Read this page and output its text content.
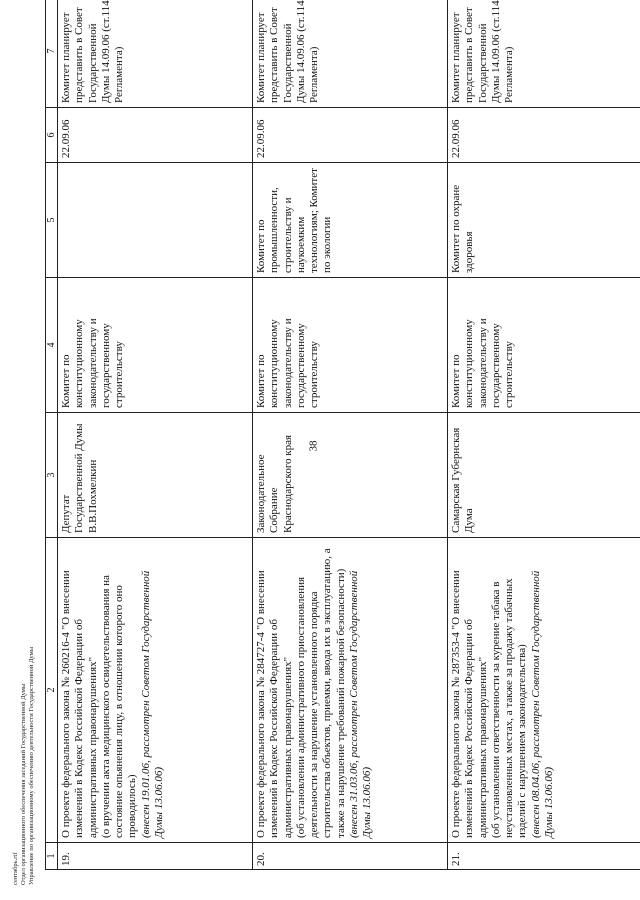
38
1	2	3	4	5	6	7
19.	О проекте федерального закона № 260216-4 "О внесении изменений в Кодекс Российской Федерации об административных правонарушениях" (о вручении акта медицинского освидетельствования на состояние опьянения лицу, в отношении которого оно проводилось) (внесен 19.01.06, рассмотрен Советом Государственной Думы 13.06.06)	Депутат Государственной Думы В.В.Похмелкин	Комитет по конституционному законодательству и государственному строительству		22.09.06	Комитет планирует представить в Совет Государственной Думы 14.09.06 (ст.114 Регламента)
20.	О проекте федерального закона № 284727-4 "О внесении изменений в Кодекс Российской Федерации об административных правонарушениях" (об установлении административного приостановления деятельности за нарушение установленного порядка строительства объектов, приемки, ввода их в эксплуатацию, а также за нарушение требований пожарной безопасности) (внесен 31.03.06, рассмотрен Советом Государственной Думы 13.06.06)	Законодательное Собрание Краснодарского края	Комитет по конституционному законодательству и государственному строительству	Комитет по промышленности, строительству и наукоемким технологиям; Комитет по экологии	22.09.06	Комитет планирует представить в Совет Государственной Думы 14.09.06 (ст.114 Регламента)
21.	О проекте федерального закона № 287353-4 "О внесении изменений в Кодекс Российской Федерации об административных правонарушениях" (об установлении ответственности за курение табака в неустановленных местах, а также за продажу табачных изделий с нарушением законодательства) (внесен 08.04.06, рассмотрен Советом Государственной Думы 13.06.06)	Самарская Губернская Дума	Комитет по конституционному законодательству и государственному строительству	Комитет по охране здоровья	22.09.06	Комитет планирует представить в Совет Государственной Думы 14.09.06 (ст.114 Регламента)
сентябрь.rtf Отдел организационного обеспечения заседаний Государственной Думы Управление по организационному обеспечению деятельности Государственной Думы
